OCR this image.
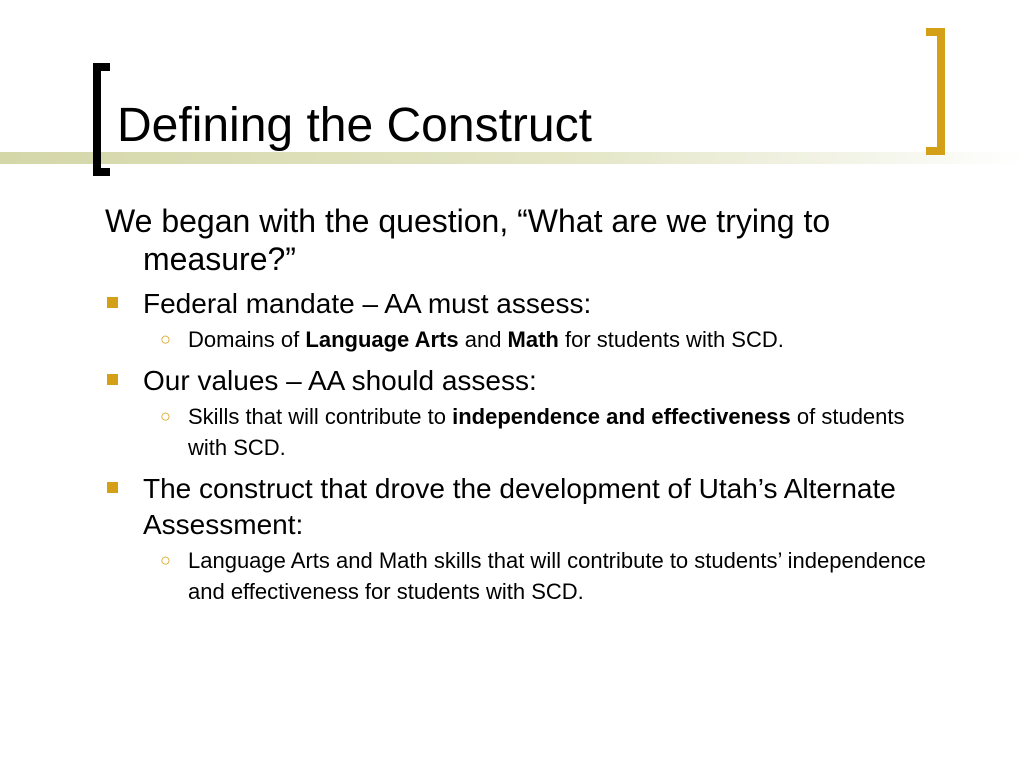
Defining the Construct
We began with the question, “What are we trying to measure?”
Federal mandate – AA must assess:
○ Domains of Language Arts and Math for students with SCD.
Our values – AA should assess:
○ Skills that will contribute to independence and effectiveness of students with SCD.
The construct that drove the development of Utah’s Alternate Assessment:
○ Language Arts and Math skills that will contribute to students’ independence and effectiveness for students with SCD.
